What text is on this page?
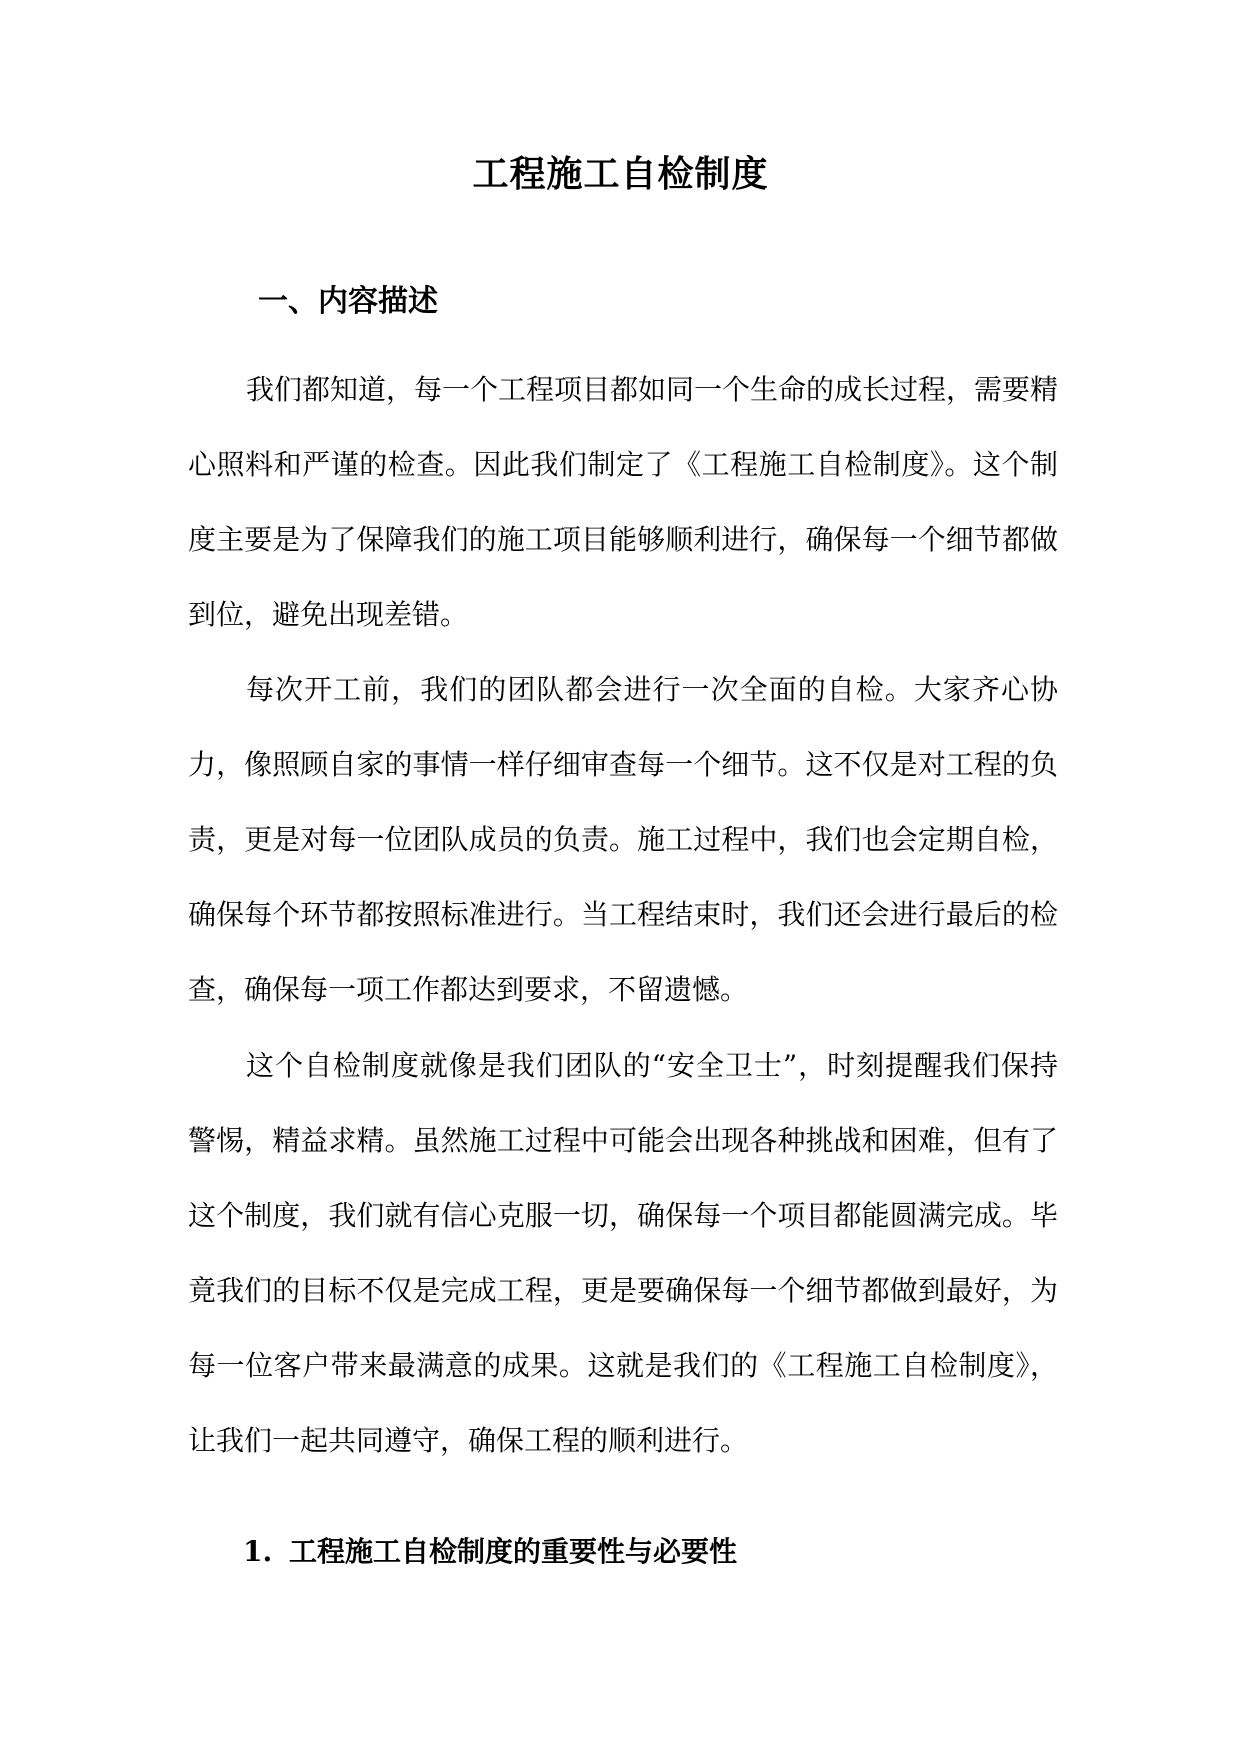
工程施工自检制度
一、内容描述

我们都知道，每一个工程项目都如同一个生命的成长过程，需要精心照料和严谨的检查。因此我们制定了《工程施工自检制度》。这个制度主要是为了保障我们的施工项目能够顺利进行，确保每一个细节都做到位，避免出现差错。

每次开工前，我们的团队都会进行一次全面的自检。大家齐心协力，像照顾自家的事情一样仔细审查每一个细节。这不仅是对工程的负责，更是对每一位团队成员的负责。施工过程中，我们也会定期自检，确保每个环节都按照标准进行。当工程结束时，我们还会进行最后的检查，确保每一项工作都达到要求，不留遗憾。

这个自检制度就像是我们团队的“安全卫士”，时刻提醒我们保持警惕，精益求精。虽然施工过程中可能会出现各种挑战和困难，但有了这个制度，我们就有信心克服一切，确保每一个项目都能圆满完成。毕竟我们的目标不仅是完成工程，更是要确保每一个细节都做到最好，为每一位客户带来最满意的成果。这就是我们的《工程施工自检制度》，让我们一起共同遵守，确保工程的顺利进行。

1. 工程施工自检制度的重要性与必要性
